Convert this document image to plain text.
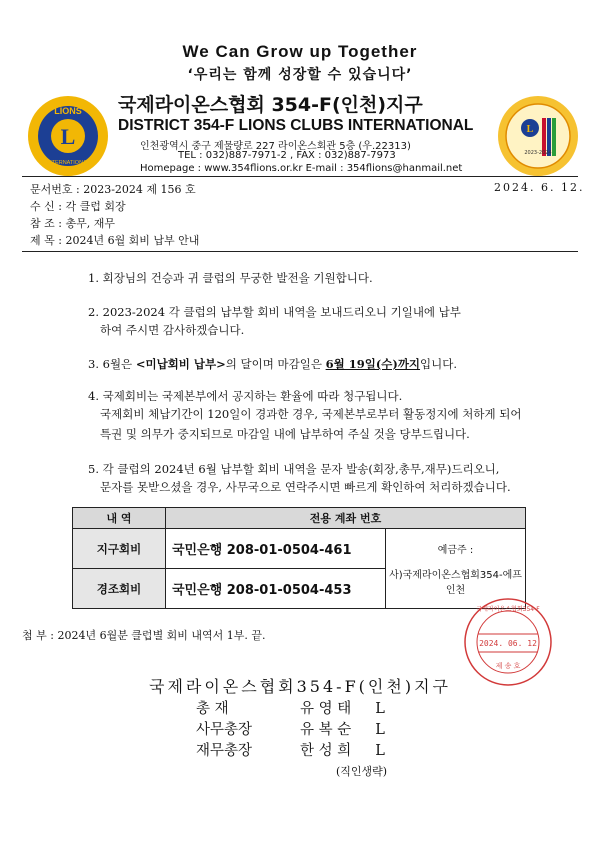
We Can Grow up Together
‘우리는 함께 성장할 수 있습니다’
L
LIONS
INTERNATIONAL
국제라이온스협회 354-F(인천)지구
DISTRICT 354-F LIONS CLUBS INTERNATIONAL
인천광역시 중구 제물량로 227 라이온스회관 5층 (우.22313)
TEL : 032)887-7971-2 , FAX : 032)887-7973
Homepage : www.354flions.or.kr E-mail : 354flions@hanmail.net
L
2023-2024
문서번호 : 2023-2024 제 156 호	2024. 6. 12.
수 신 : 각 클럽 회장
참 조 : 총무, 재무
제 목 : 2024년 6월 회비 납부 안내
1. 회장님의 건승과 귀 클럽의 무궁한 발전을 기원합니다.
2. 2023-2024 각 클럽의 납부할 회비 내역을 보내드리오니 기일내에 납부
하여 주시면 감사하겠습니다.
3. 6월은 <미납회비 납부>의 달이며 마감일은 6월 19일(수)까지입니다.
4. 국제회비는 국제본부에서 공지하는 환율에 따라 청구됩니다.
국제회비 체납기간이 120일이 경과한 경우, 국제본부로부터 활동정지에 처하게 되어
특권 및 의무가 중지되므로 마감일 내에 납부하여 주실 것을 당부드립니다.
5. 각 클럽의 2024년 6월 납부할 회비 내역을 문자 발송(회장,총무,재무)드리오니,
문자를 못받으셨을 경우, 사무국으로 연락주시면 빠르게 확인하여 처리하겠습니다.
내 역	전용 계좌 번호	
지구회비	국민은행 208-01-0504-461	예금주 :
사)국제라이온스협회354-에프인천

경조회비	국민은행 208-01-0504-453	
첨 부 : 2024년 6월분 클럽별 회비 내역서 1부. 끝.
국제라이온스협회354-F
2024. 06. 12
제 송 호
국제라이온스협회354-F(인천)지구
총 재	유 영 태 L
사무총장	유 복 순 L
재무총장	한 성 희 L
(직인생략)
